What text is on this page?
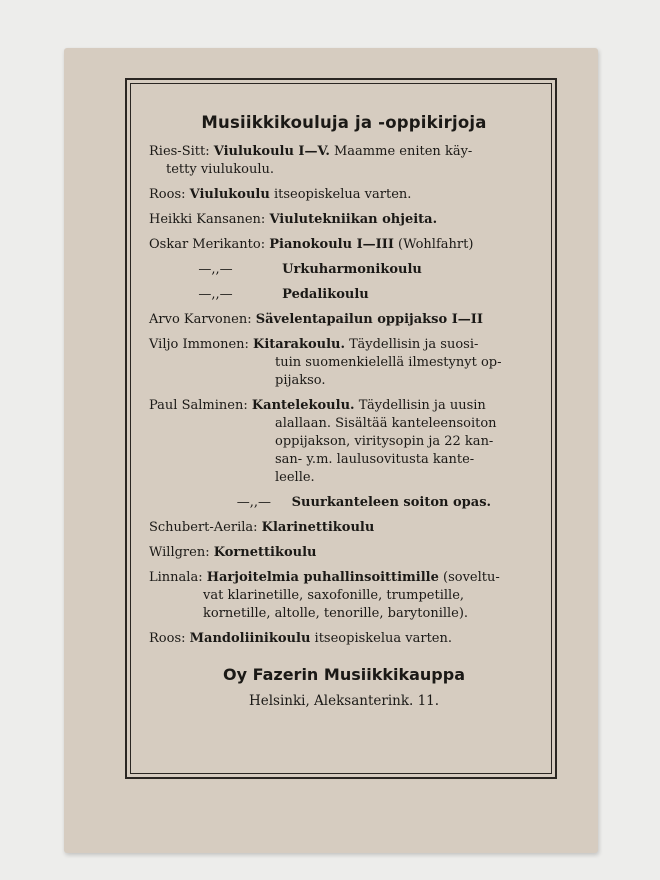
Musiikkikouluja ja -oppikirjoja
Ries-Sitt: Viulukoulu I—V. Maamme eniten käy-
tetty viulukoulu.
Roos: Viulukoulu itseopiskelua varten.
Heikki Kansanen: Viulutekniikan ohjeita.
Oskar Merikanto: Pianokoulu I—III (Wohlfahrt)
—,,—	Urkuharmonikoulu
—,,—	Pedalikoulu
Arvo Karvonen: Sävelentapailun oppijakso I—II
Viljo Immonen: Kitarakoulu. Täydellisin ja suosi-
tuin suomenkielellä ilmestynyt op-
pijakso.
Paul Salminen: Kantelekoulu. Täydellisin ja uusin
alallaan. Sisältää kanteleensoiton
oppijakson, viritysopin ja 22 kan-
san- y.m. laulusovitusta kante-
leelle.
—,,— Suurkanteleen soiton opas.
Schubert-Aerila: Klarinettikoulu
Willgren: Kornettikoulu
Linnala: Harjoitelmia puhallinsoittimille (soveltu-
vat klarinetille, saxofonille, trumpetille,
kornetille, altolle, tenorille, barytonille).
Roos: Mandoliinikoulu itseopiskelua varten.
Oy Fazerin Musiikkikauppa
Helsinki, Aleksanterink. 11.
